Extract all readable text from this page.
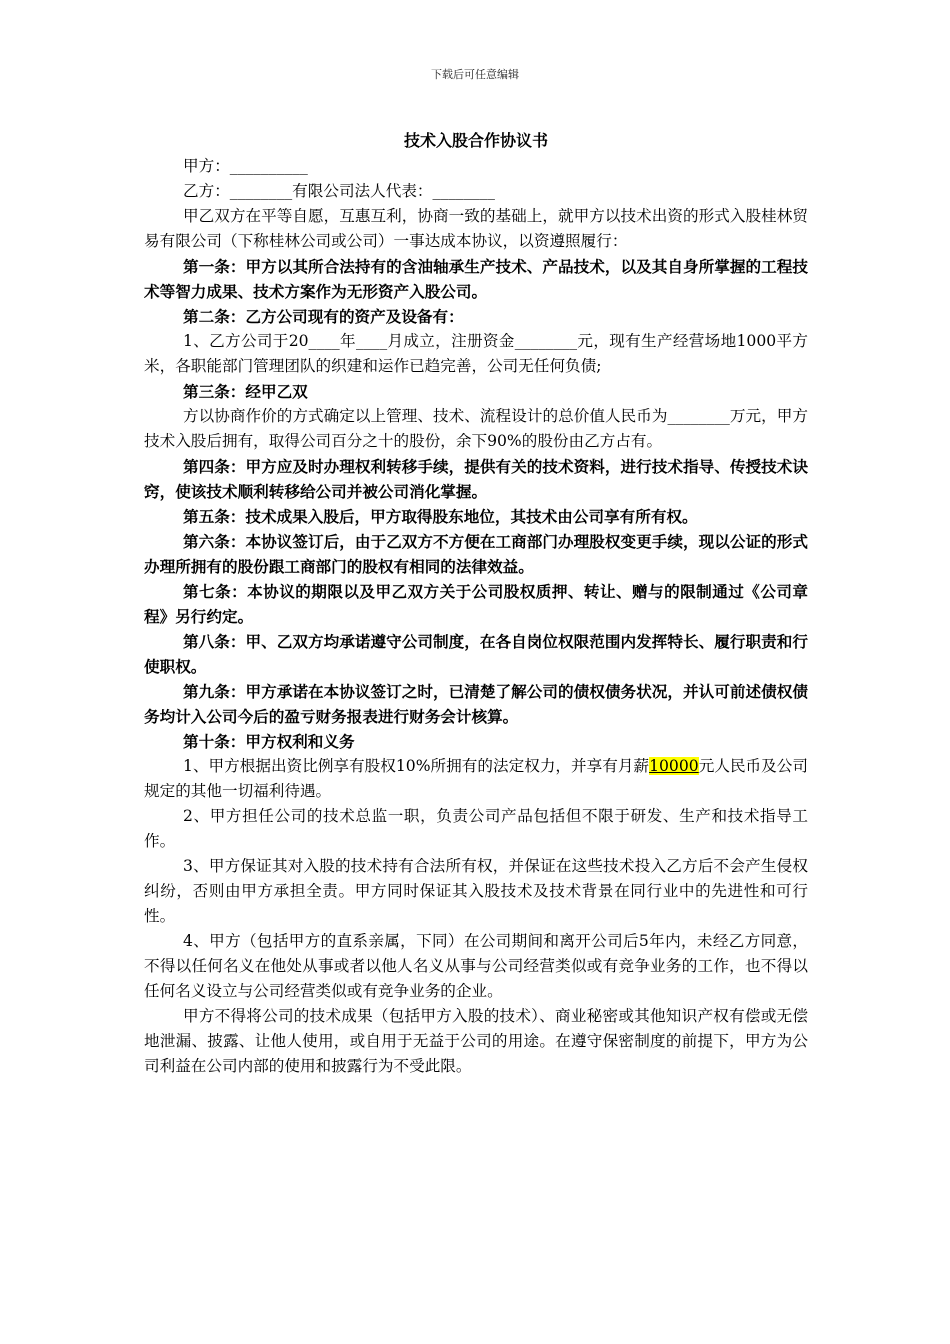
下载后可任意编辑
技术入股合作协议书

甲方：__________

乙方：________有限公司法人代表：________

甲乙双方在平等自愿，互惠互利，协商一致的基础上，就甲方以技术出资的形式入股桂林贸易有限公司（下称桂林公司或公司）一事达成本协议，以资遵照履行：

第一条：甲方以其所合法持有的含油轴承生产技术、产品技术，以及其自身所掌握的工程技术等智力成果、技术方案作为无形资产入股公司。

第二条：乙方公司现有的资产及设备有：

1、乙方公司于20____年____月成立，注册资金________元，现有生产经营场地1000平方米，各职能部门管理团队的织建和运作已趋完善，公司无任何负债;

第三条：经甲乙双

方以协商作价的方式确定以上管理、技术、流程设计的总价值人民币为________万元，甲方技术入股后拥有，取得公司百分之十的股份，余下90%的股份由乙方占有。

第四条：甲方应及时办理权利转移手续，提供有关的技术资料，进行技术指导、传授技术诀窍，使该技术顺利转移给公司并被公司消化掌握。

第五条：技术成果入股后，甲方取得股东地位，其技术由公司享有所有权。

第六条：本协议签订后，由于乙双方不方便在工商部门办理股权变更手续，现以公证的形式办理所拥有的股份跟工商部门的股权有相同的法律效益。

第七条：本协议的期限以及甲乙双方关于公司股权质押、转让、赠与的限制通过《公司章程》另行约定。

第八条：甲、乙双方均承诺遵守公司制度，在各自岗位权限范围内发挥特长、履行职责和行使职权。

第九条：甲方承诺在本协议签订之时，已清楚了解公司的债权债务状况，并认可前述债权债务均计入公司今后的盈亏财务报表进行财务会计核算。

第十条：甲方权利和义务

1、甲方根据出资比例享有股权10%所拥有的法定权力，并享有月薪10000元人民币及公司规定的其他一切福利待遇。

2、甲方担任公司的技术总监一职，负责公司产品包括但不限于研发、生产和技术指导工作。

3、甲方保证其对入股的技术持有合法所有权，并保证在这些技术投入乙方后不会产生侵权纠纷，否则由甲方承担全责。甲方同时保证其入股技术及技术背景在同行业中的先进性和可行性。

4、甲方（包括甲方的直系亲属，下同）在公司期间和离开公司后5年内，未经乙方同意，不得以任何名义在他处从事或者以他人名义从事与公司经营类似或有竞争业务的工作，也不得以任何名义设立与公司经营类似或有竞争业务的企业。

甲方不得将公司的技术成果（包括甲方入股的技术）、商业秘密或其他知识产权有偿或无偿地泄漏、披露、让他人使用，或自用于无益于公司的用途。在遵守保密制度的前提下，甲方为公司利益在公司内部的使用和披露行为不受此限。
